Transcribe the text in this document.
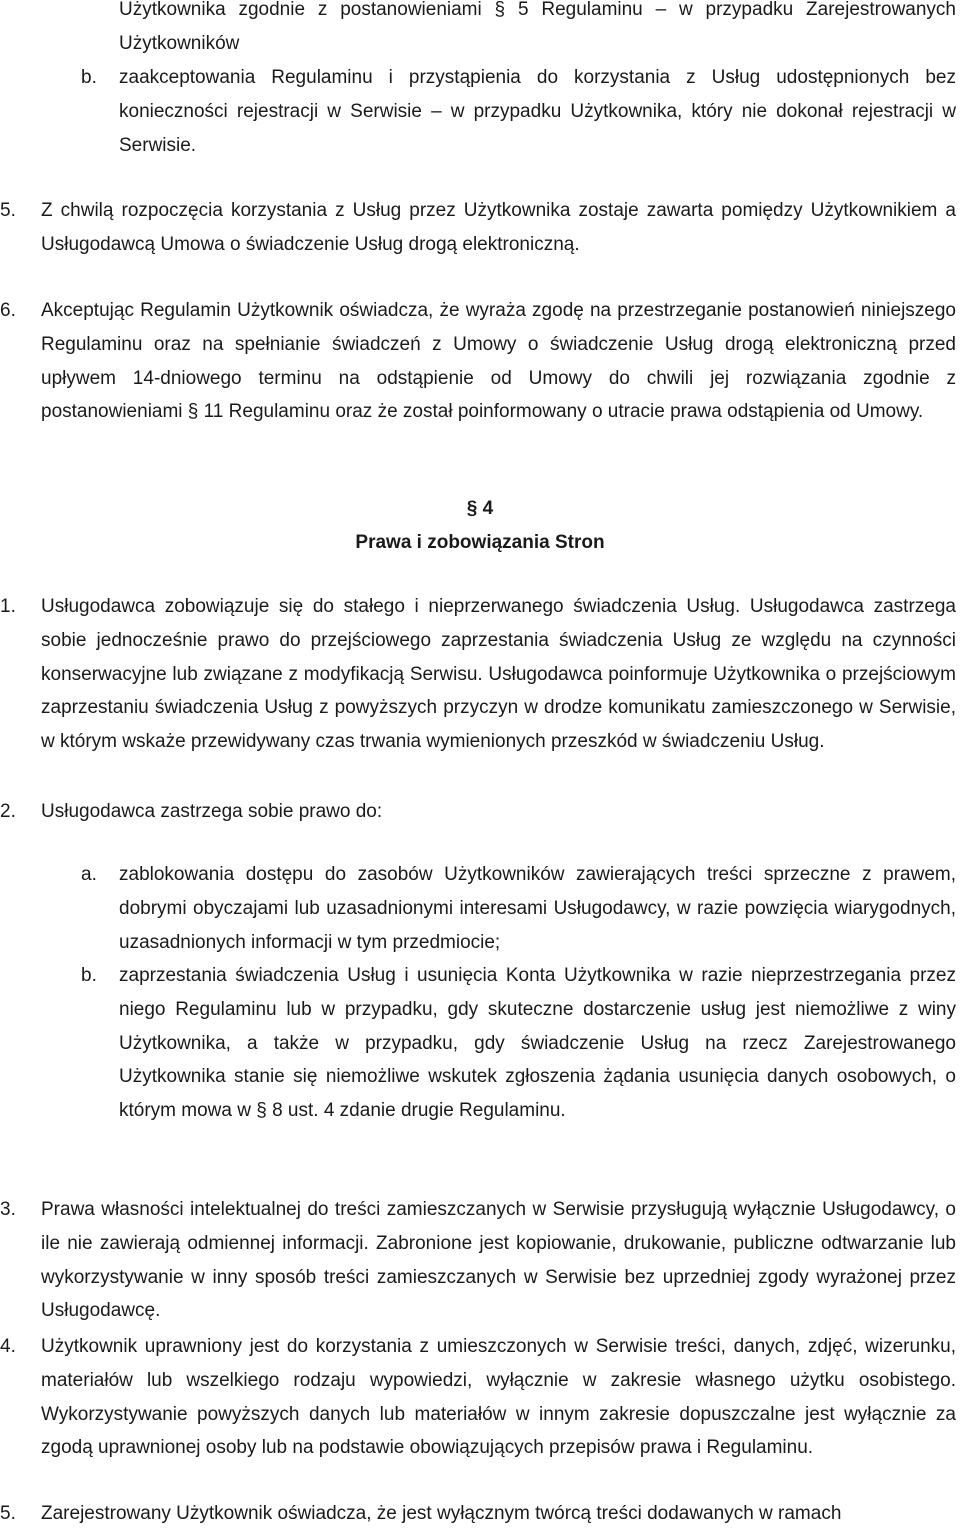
Użytkownika zgodnie z postanowieniami § 5 Regulaminu – w przypadku Zarejestrowanych Użytkowników
b.	zaakceptowania Regulaminu i przystąpienia do korzystania z Usług udostępnionych bez konieczności rejestracji w Serwisie – w przypadku Użytkownika, który nie dokonał rejestracji w Serwisie.
5.	Z chwilą rozpoczęcia korzystania z Usług przez Użytkownika zostaje zawarta pomiędzy Użytkownikiem a Usługodawcą Umowa o świadczenie Usług drogą elektroniczną.
6.	Akceptując Regulamin Użytkownik oświadcza, że wyraża zgodę na przestrzeganie postanowień niniejszego Regulaminu oraz na spełnianie świadczeń z Umowy o świadczenie Usług drogą elektroniczną przed upływem 14-dniowego terminu na odstąpienie od Umowy do chwili jej rozwiązania zgodnie z postanowieniami § 11 Regulaminu oraz że został poinformowany o utracie prawa odstąpienia od Umowy.
§ 4
Prawa i zobowiązania Stron
1.	Usługodawca zobowiązuje się do stałego i nieprzerwanego świadczenia Usług. Usługodawca zastrzega sobie jednocześnie prawo do przejściowego zaprzestania świadczenia Usług ze względu na czynności konserwacyjne lub związane z modyfikacją Serwisu. Usługodawca poinformuje Użytkownika o przejściowym zaprzestaniu świadczenia Usług z powyższych przyczyn w drodze komunikatu zamieszczonego w Serwisie, w którym wskaże przewidywany czas trwania wymienionych przeszkód w świadczeniu Usług.
2.	Usługodawca zastrzega sobie prawo do:
a.	zablokowania dostępu do zasobów Użytkowników zawierających treści sprzeczne z prawem, dobrymi obyczajami lub uzasadnionymi interesami Usługodawcy, w razie powzięcia wiarygodnych, uzasadnionych informacji w tym przedmiocie;
b.	zaprzestania świadczenia Usług i usunięcia Konta Użytkownika w razie nieprzestrzegania przez niego Regulaminu lub w przypadku, gdy skuteczne dostarczenie usług jest niemożliwe z winy Użytkownika, a także w przypadku, gdy świadczenie Usług na rzecz Zarejestrowanego Użytkownika stanie się niemożliwe wskutek zgłoszenia żądania usunięcia danych osobowych, o którym mowa w § 8 ust. 4 zdanie drugie Regulaminu.
3.	Prawa własności intelektualnej do treści zamieszczanych w Serwisie przysługują wyłącznie Usługodawcy, o ile nie zawierają odmiennej informacji. Zabronione jest kopiowanie, drukowanie, publiczne odtwarzanie lub wykorzystywanie w inny sposób treści zamieszczanych w Serwisie bez uprzedniej zgody wyrażonej przez Usługodawcę.
4.	Użytkownik uprawniony jest do korzystania z umieszczonych w Serwisie treści, danych, zdjęć, wizerunku, materiałów lub wszelkiego rodzaju wypowiedzi, wyłącznie w zakresie własnego użytku osobistego. Wykorzystywanie powyższych danych lub materiałów w innym zakresie dopuszczalne jest wyłącznie za zgodą uprawnionej osoby lub na podstawie obowiązujących przepisów prawa i Regulaminu.
5.	Zarejestrowany Użytkownik oświadcza, że jest wyłącznym twórcą treści dodawanych w ramach
